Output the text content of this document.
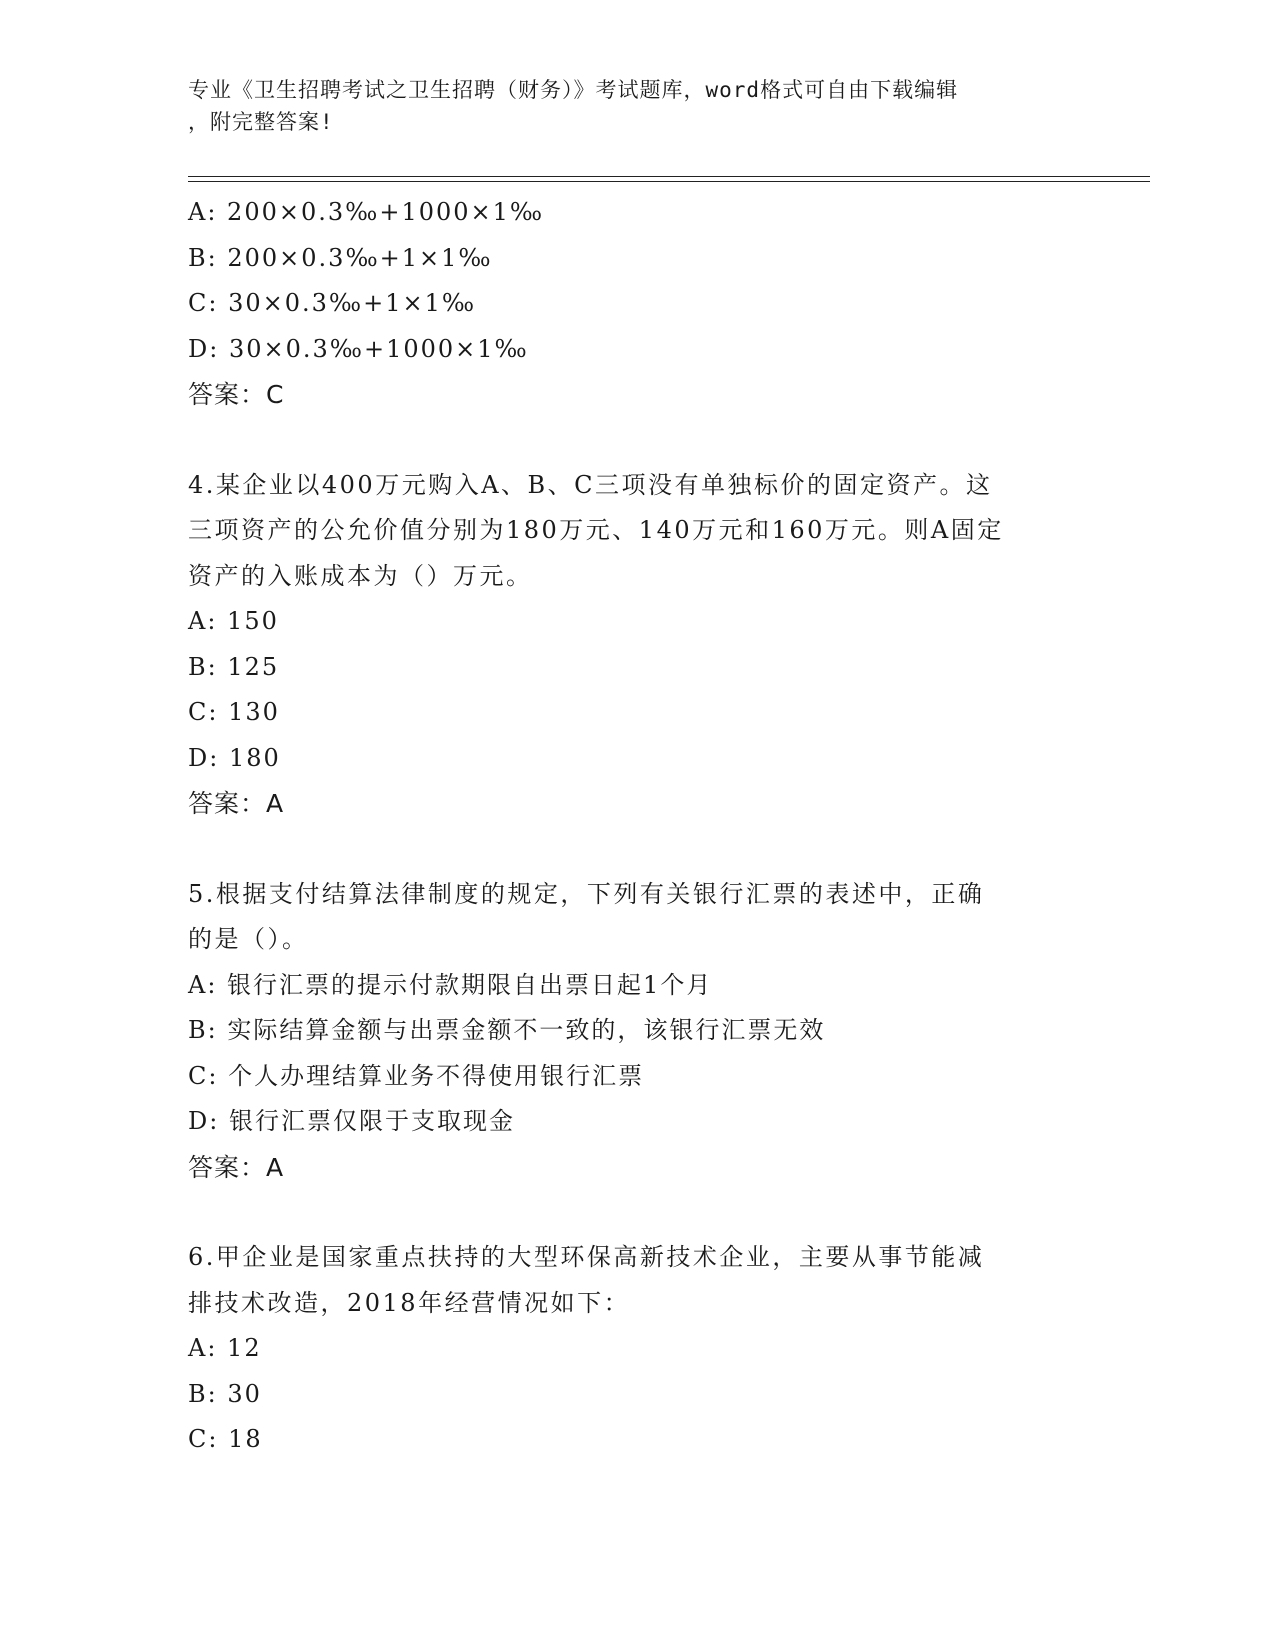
专业《卫生招聘考试之卫生招聘（财务）》考试题库，word格式可自由下载编辑
，附完整答案!
A: 200×0.3‰+1000×1‰
B: 200×0.3‰+1×1‰
C: 30×0.3‰+1×1‰
D: 30×0.3‰+1000×1‰
答案：C
4.某企业以400万元购入A、B、C三项没有单独标价的固定资产。这
三项资产的公允价值分别为180万元、140万元和160万元。则A固定
资产的入账成本为（）万元。
A: 150
B: 125
C: 130
D: 180
答案：A
5.根据支付结算法律制度的规定，下列有关银行汇票的表述中，正确
的是（）。
A: 银行汇票的提示付款期限自出票日起1个月
B: 实际结算金额与出票金额不一致的，该银行汇票无效
C: 个人办理结算业务不得使用银行汇票
D: 银行汇票仅限于支取现金
答案：A
6.甲企业是国家重点扶持的大型环保高新技术企业，主要从事节能减
排技术改造，2018年经营情况如下：
A: 12
B: 30
C: 18
